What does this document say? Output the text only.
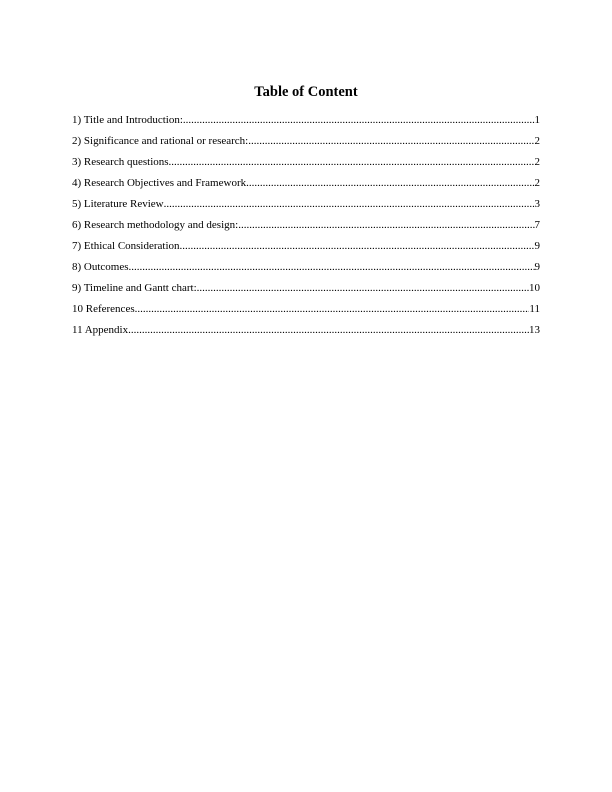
Table of Content
1) Title and Introduction: .....	1
2) Significance and rational or research: .....	2
3) Research questions .....	2
4) Research Objectives and Framework .....	2
5) Literature Review .....	3
6) Research methodology and design: .....	7
7) Ethical Consideration .....	9
8) Outcomes .....	9
9) Timeline and Gantt chart: .....	10
10 References .....	11
11 Appendix .....	13
